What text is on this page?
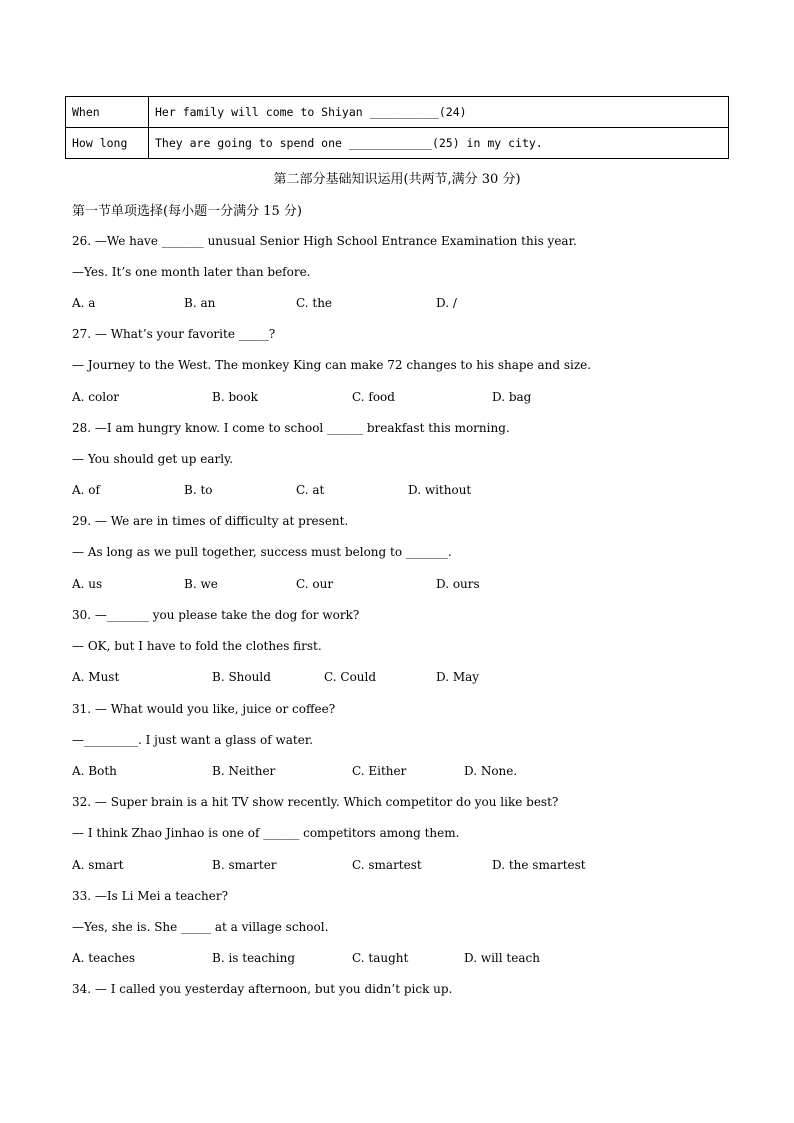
When	Her family will come to Shiyan __________(24)
How long	They are going to spend one ____________(25) in my city.
第二部分基础知识运用(共两节,满分 30 分)
第一节单项选择(每小题一分满分 15 分)
26. —We have _______ unusual Senior High School Entrance Examination this year.
—Yes. It’s one month later than before.

A. a

	B. an

	C. the

	D. /

27. — What’s your favorite _____?
— Journey to the West. The monkey King can make 72 changes to his shape and size.

A. color

	B. book

	C. food

	D. bag

28. —I am hungry know. I come to school ______ breakfast this morning.
— You should get up early.

A. of

	B. to

	C. at

	D. without

29. — We are in times of difficulty at present.
— As long as we pull together, success must belong to _______.

A. us

	B. we

	C. our

	D. ours

30. —_______ you please take the dog for work?
— OK, but I have to fold the clothes first.

A. Must

	B. Should

	C. Could

	D. May

31. — What would you like, juice or coffee?
—_________. I just want a glass of water.

A. Both

	B. Neither

	C. Either

	D. None.

32. — Super brain is a hit TV show recently. Which competitor do you like best?
— I think Zhao Jinhao is one of ______ competitors among them.

A. smart

	B. smarter

	C. smartest

	D. the smartest

33. —Is Li Mei a teacher?
—Yes, she is. She _____ at a village school.

A. teaches

	B. is teaching

	C. taught

	D. will teach

34. — I called you yesterday afternoon, but you didn’t pick up.
